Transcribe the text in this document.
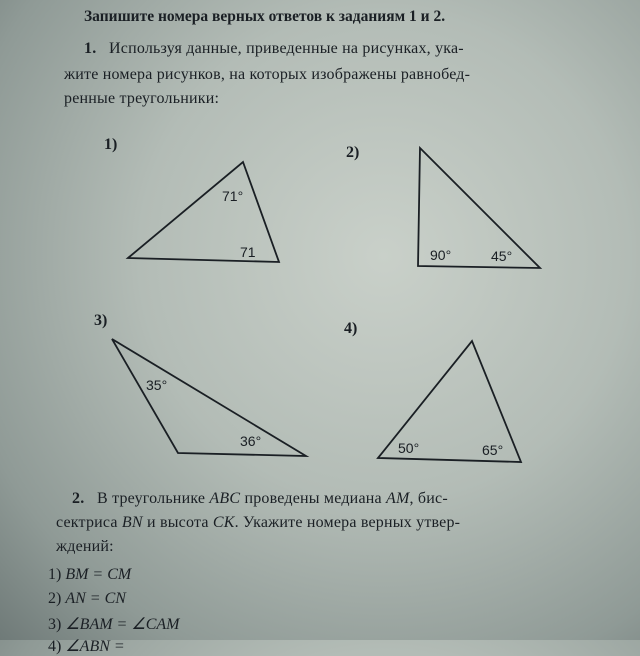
Запишите номера верных ответов к заданиям 1 и 2.
1. Используя данные, приведенные на рисунках, ука-
жите номера рисунков, на которых изображены равнобед-
ренные треугольники:
1)	2)
3)	4)
71°
71	90°	45°
35°
36°	50°	65°
2. В треугольнике ABC проведены медиана AM, бис-
сектриса BN и высота CK. Укажите номера верных утвер-
ждений:
1) BM = CM
2) AN = CN
3) ∠BAM = ∠CAM
4) ∠ABN =
